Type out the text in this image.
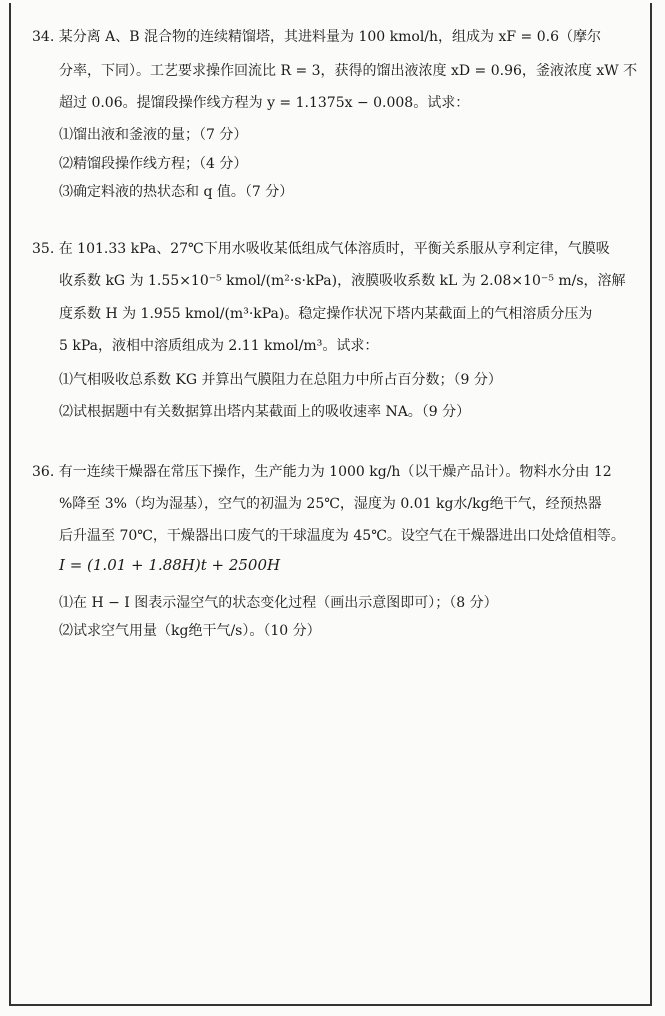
34. 某分离 A、B 混合物的连续精馏塔，其进料量为 100 kmol/h，组成为 xF = 0.6（摩尔
分率，下同）。工艺要求操作回流比 R = 3，获得的馏出液浓度 xD = 0.96，釜液浓度 xW 不
超过 0.06。提馏段操作线方程为 y = 1.1375x − 0.008。试求：
⑴馏出液和釜液的量；（7 分）
⑵精馏段操作线方程；（4 分）
⑶确定料液的热状态和 q 值。（7 分）
35. 在 101.33 kPa、27℃下用水吸收某低组成气体溶质时，平衡关系服从亨利定律，气膜吸
收系数 kG 为 1.55×10⁻⁵ kmol/(m²·s·kPa)，液膜吸收系数 kL 为 2.08×10⁻⁵ m/s，溶解
度系数 H 为 1.955 kmol/(m³·kPa)。稳定操作状况下塔内某截面上的气相溶质分压为
5 kPa，液相中溶质组成为 2.11 kmol/m³。试求：
⑴气相吸收总系数 KG 并算出气膜阻力在总阻力中所占百分数；（9 分）
⑵试根据题中有关数据算出塔内某截面上的吸收速率 NA。（9 分）
36. 有一连续干燥器在常压下操作，生产能力为 1000 kg/h（以干燥产品计）。物料水分由 12
%降至 3%（均为湿基），空气的初温为 25℃，湿度为 0.01 kg水/kg绝干气，经预热器
后升温至 70℃，干燥器出口废气的干球温度为 45℃。设空气在干燥器进出口处焓值相等。
I = (1.01 + 1.88H)t + 2500H
⑴在 H − I 图表示湿空气的状态变化过程（画出示意图即可）；（8 分）
⑵试求空气用量（kg绝干气/s）。（10 分）
